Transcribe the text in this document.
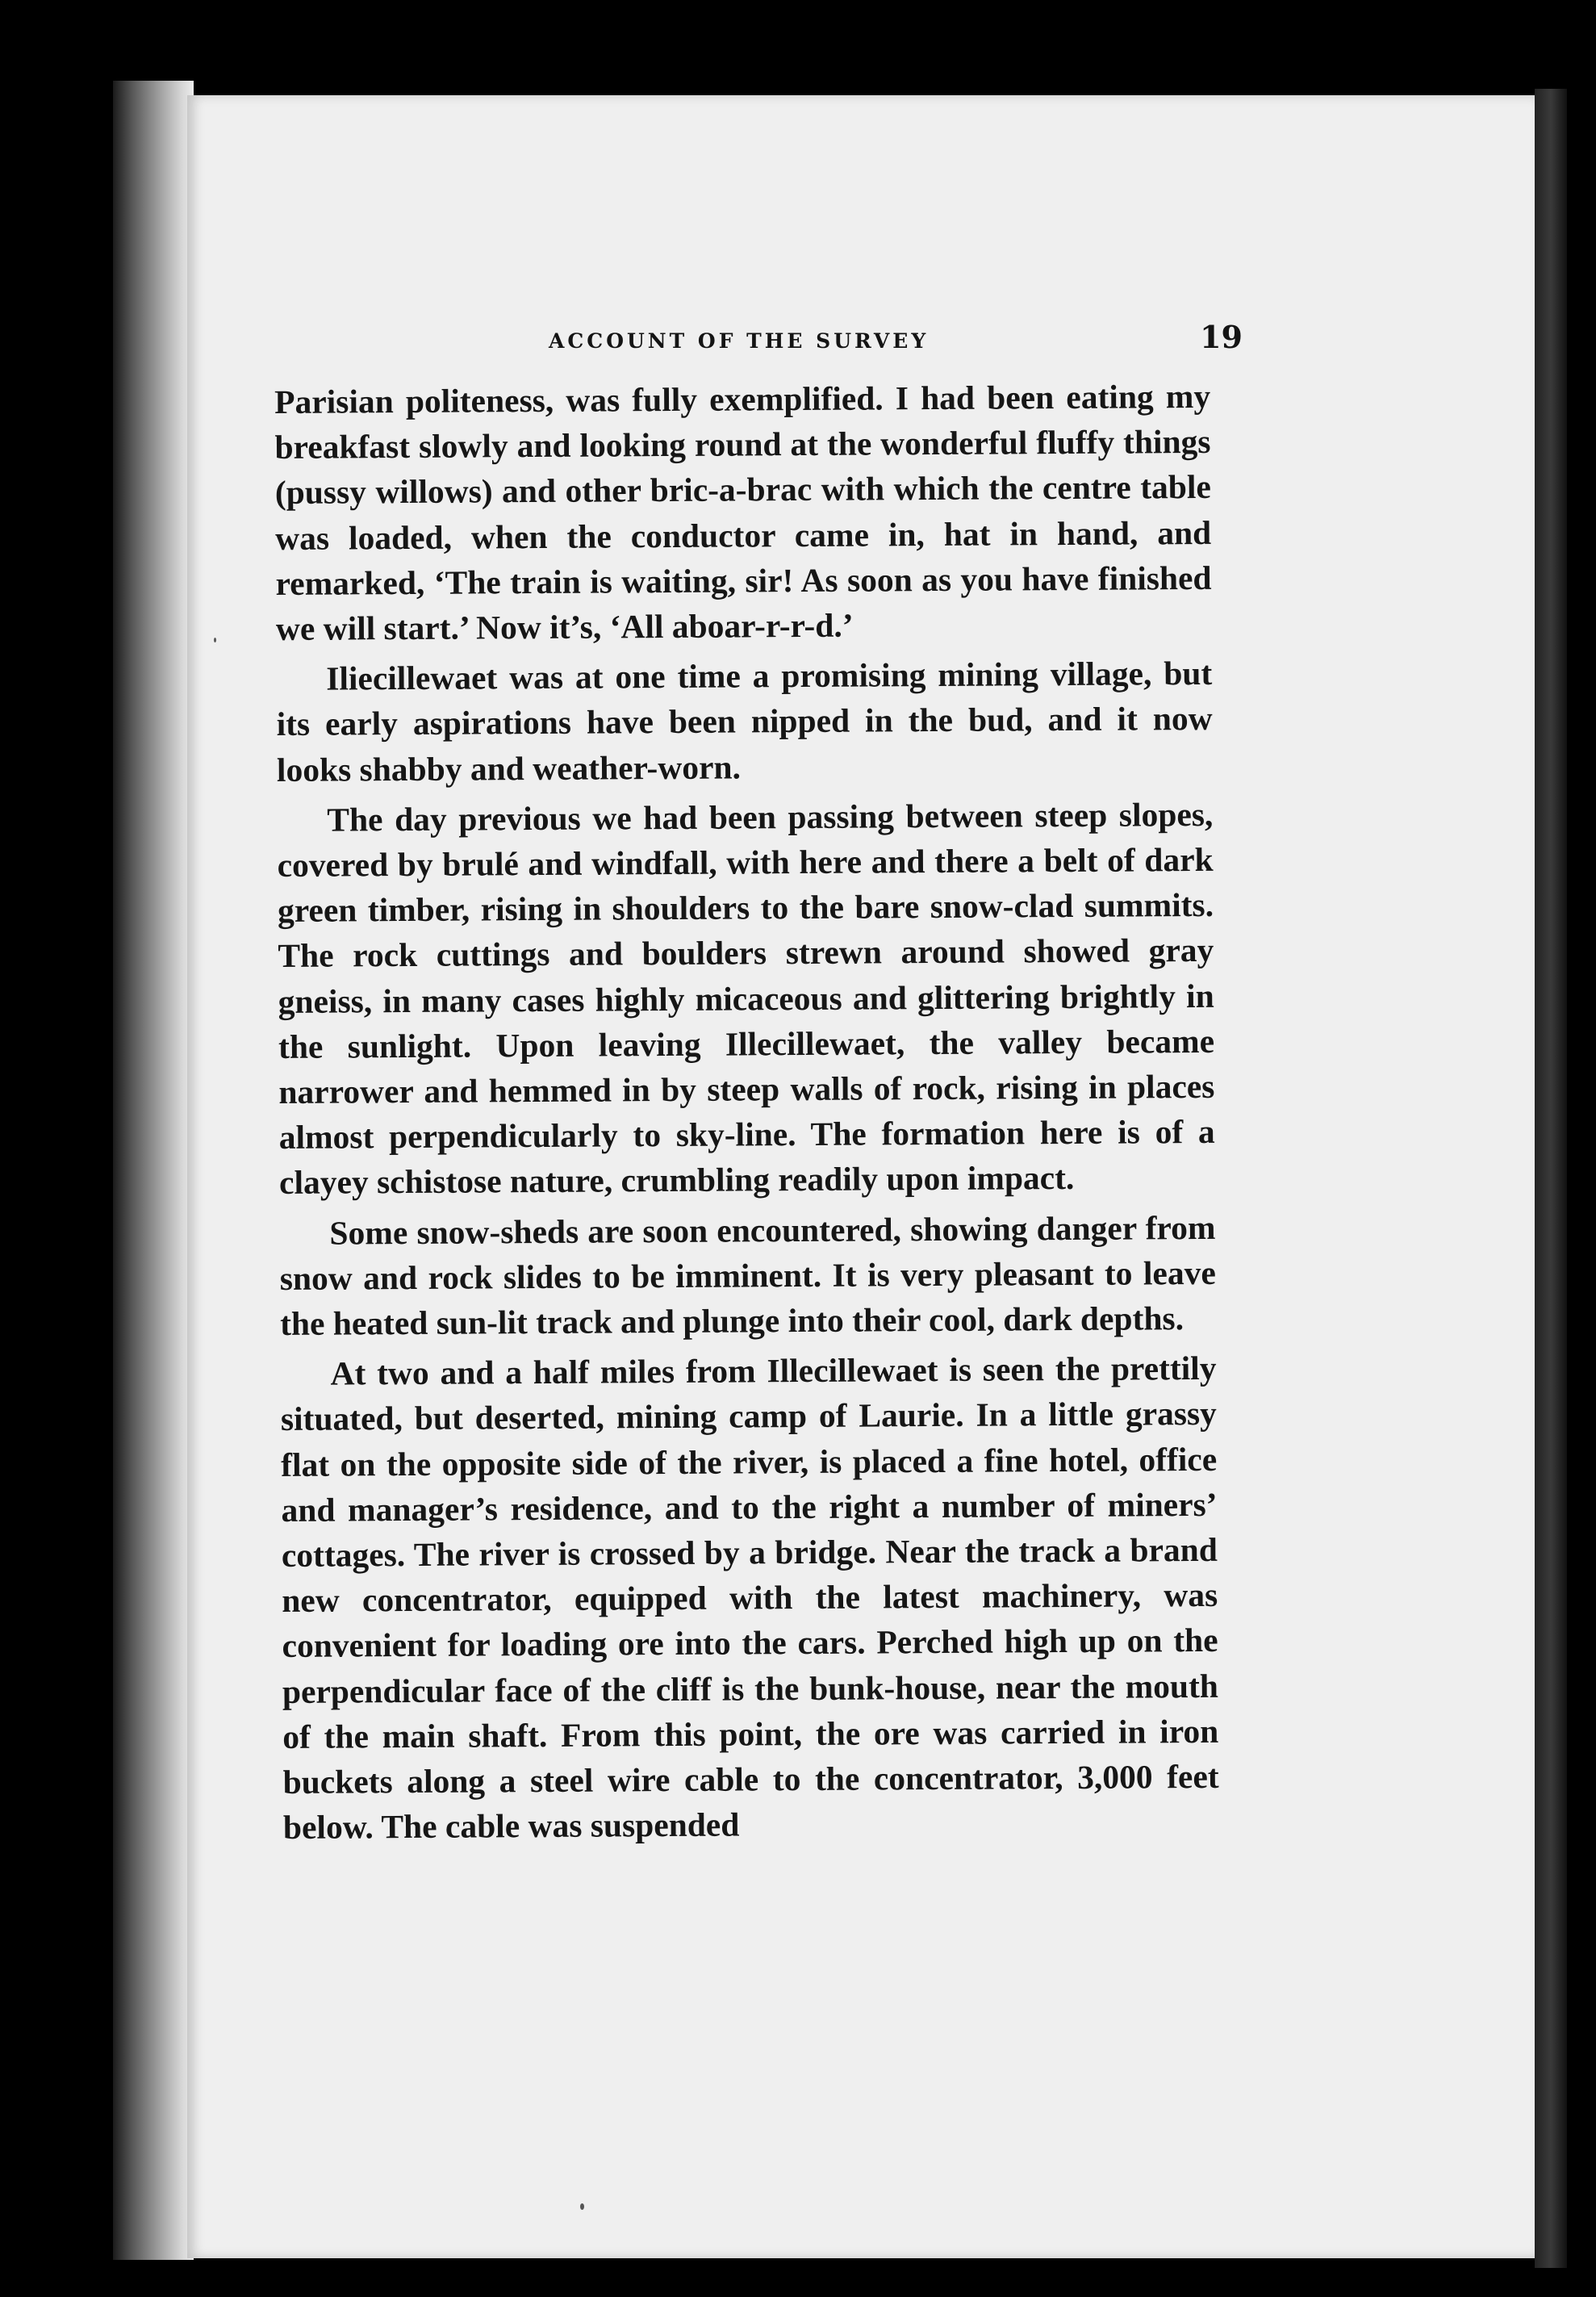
ACCOUNT OF THE SURVEY	19

Parisian politeness, was fully exemplified. I had been eating my breakfast slowly and looking round at the wonderful fluffy things (pussy willows) and other bric-a-brac with which the centre table was loaded, when the conductor came in, hat in hand, and remarked, ‘The train is waiting, sir! As soon as you have finished we will start.’ Now it’s, ‘All aboar-r-r-d.’

Iliecillewaet was at one time a promising mining village, but its early aspirations have been nipped in the bud, and it now looks shabby and weather-worn.

The day previous we had been passing between steep slopes, covered by brulé and windfall, with here and there a belt of dark green timber, rising in shoulders to the bare snow-clad summits. The rock cuttings and boulders strewn around showed gray gneiss, in many cases highly micaceous and glittering brightly in the sunlight. Upon leaving Illecillewaet, the valley became narrower and hemmed in by steep walls of rock, rising in places almost perpendicularly to sky-line. The formation here is of a clayey schistose nature, crumbling readily upon impact.

Some snow-sheds are soon encountered, showing danger from snow and rock slides to be imminent. It is very pleasant to leave the heated sun-lit track and plunge into their cool, dark depths.

At two and a half miles from Illecillewaet is seen the prettily situated, but deserted, mining camp of Laurie. In a little grassy flat on the opposite side of the river, is placed a fine hotel, office and manager’s residence, and to the right a number of miners’ cottages. The river is crossed by a bridge. Near the track a brand new concentrator, equipped with the latest machinery, was convenient for loading ore into the cars. Perched high up on the perpendicular face of the cliff is the bunk-house, near the mouth of the main shaft. From this point, the ore was carried in iron buckets along a steel wire cable to the concentrator, 3,000 feet below. The cable was suspended
